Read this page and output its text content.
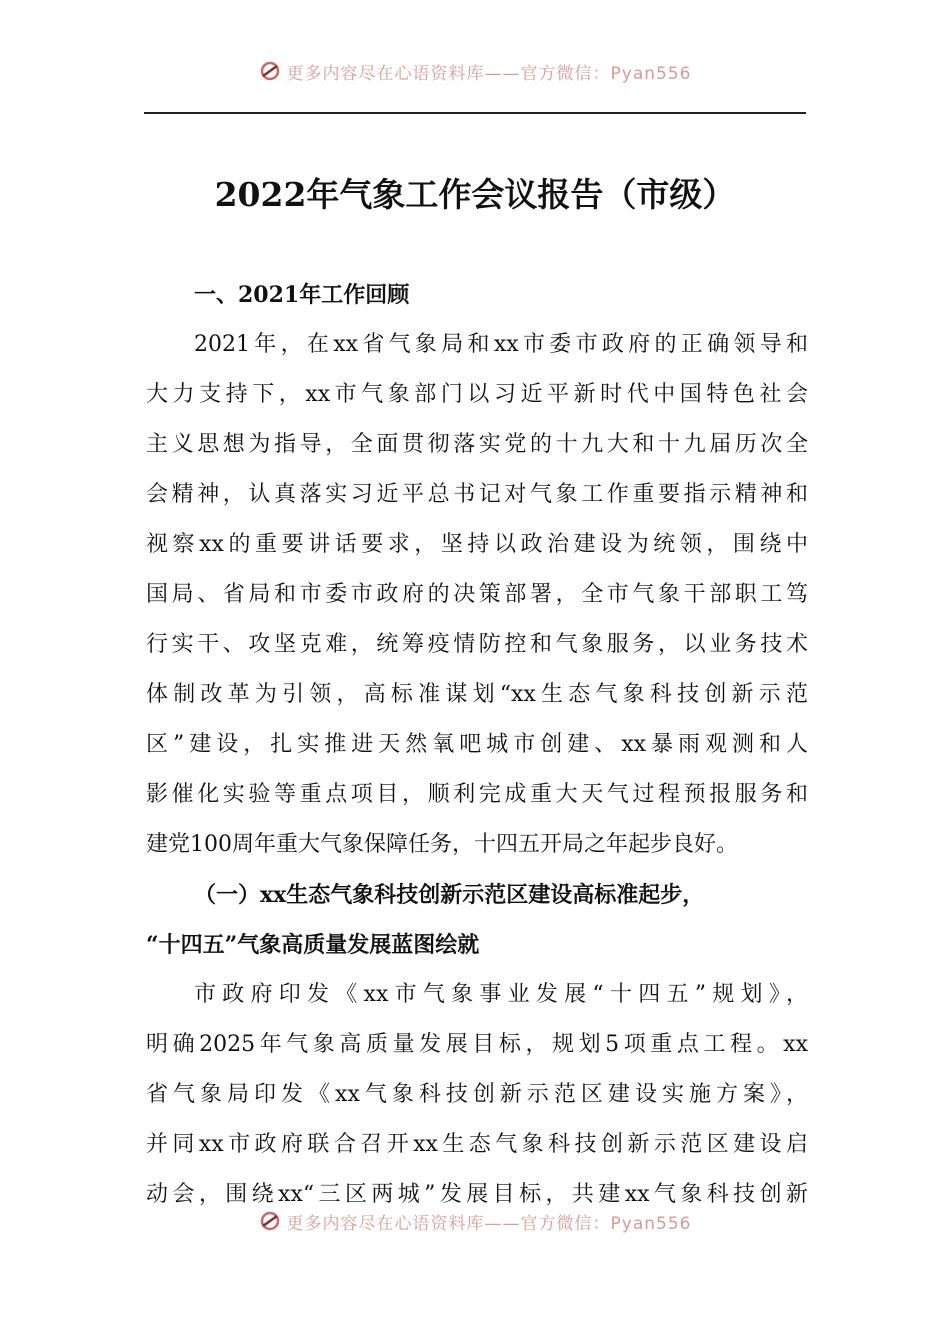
更多内容尽在心语资料库——官方微信：Pyan556
2022年气象工作会议报告（市级）
一、2021年工作回顾
2021年，在xx省气象局和xx市委市政府的正确领导和
大力支持下，xx市气象部门以习近平新时代中国特色社会
主义思想为指导，全面贯彻落实党的十九大和十九届历次全
会精神，认真落实习近平总书记对气象工作重要指示精神和
视察xx的重要讲话要求，坚持以政治建设为统领，围绕中
国局、省局和市委市政府的决策部署，全市气象干部职工笃
行实干、攻坚克难，统筹疫情防控和气象服务，以业务技术
体制改革为引领，高标准谋划“xx生态气象科技创新示范
区”建设，扎实推进天然氧吧城市创建、xx暴雨观测和人
影催化实验等重点项目，顺利完成重大天气过程预报服务和
建党100周年重大气象保障任务，十四五开局之年起步良好。
（一）xx生态气象科技创新示范区建设高标准起步，
“十四五”气象高质量发展蓝图绘就
市政府印发《xx市气象事业发展“十四五”规划》，
明确2025年气象高质量发展目标，规划5项重点工程。xx
省气象局印发《xx气象科技创新示范区建设实施方案》，
并同xx市政府联合召开xx生态气象科技创新示范区建设启
动会，围绕xx“三区两城”发展目标，共建xx气象科技创新
更多内容尽在心语资料库——官方微信：Pyan556
